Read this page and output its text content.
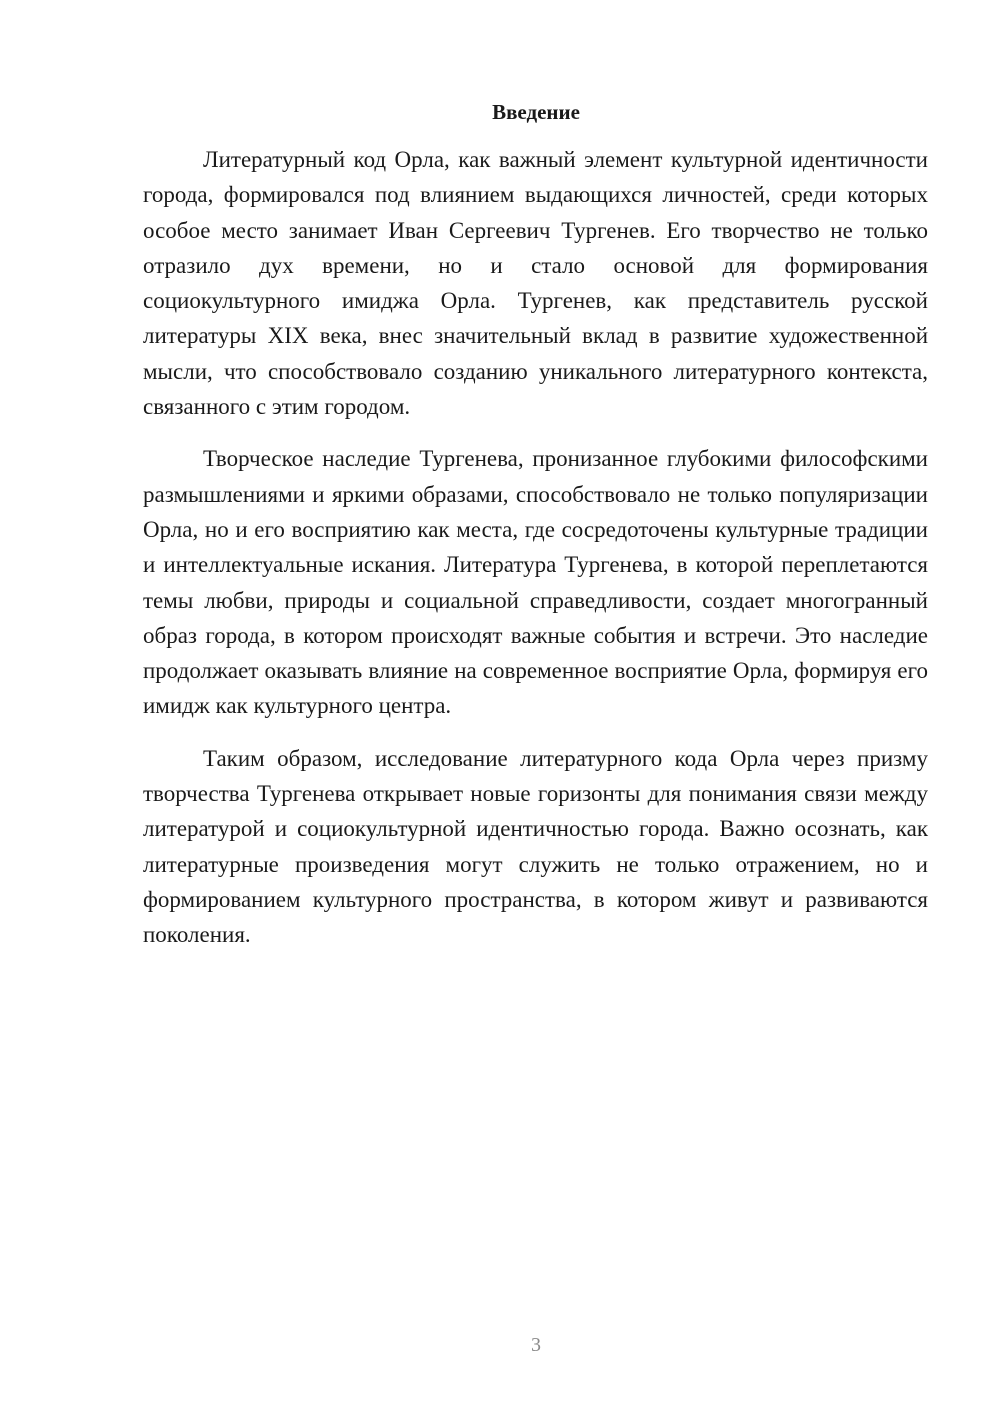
Введение

Литературный код Орла, как важный элемент культурной идентичности города, формировался под влиянием выдающихся личностей, среди которых особое место занимает Иван Сергеевич Тургенев. Его творчество не только отразило дух времени, но и стало основой для формирования социокультурного имиджа Орла. Тургенев, как представитель русской литературы XIX века, внес значительный вклад в развитие художественной мысли, что способствовало созданию уникального литературного контекста, связанного с этим городом.

Творческое наследие Тургенева, пронизанное глубокими философскими размышлениями и яркими образами, способствовало не только популяризации Орла, но и его восприятию как места, где сосредоточены культурные традиции и интеллектуальные искания. Литература Тургенева, в которой переплетаются темы любви, природы и социальной справедливости, создает многогранный образ города, в котором происходят важные события и встречи. Это наследие продолжает оказывать влияние на современное восприятие Орла, формируя его имидж как культурного центра.

Таким образом, исследование литературного кода Орла через призму творчества Тургенева открывает новые горизонты для понимания связи между литературой и социокультурной идентичностью города. Важно осознать, как литературные произведения могут служить не только отражением, но и формированием культурного пространства, в котором живут и развиваются поколения.

3
